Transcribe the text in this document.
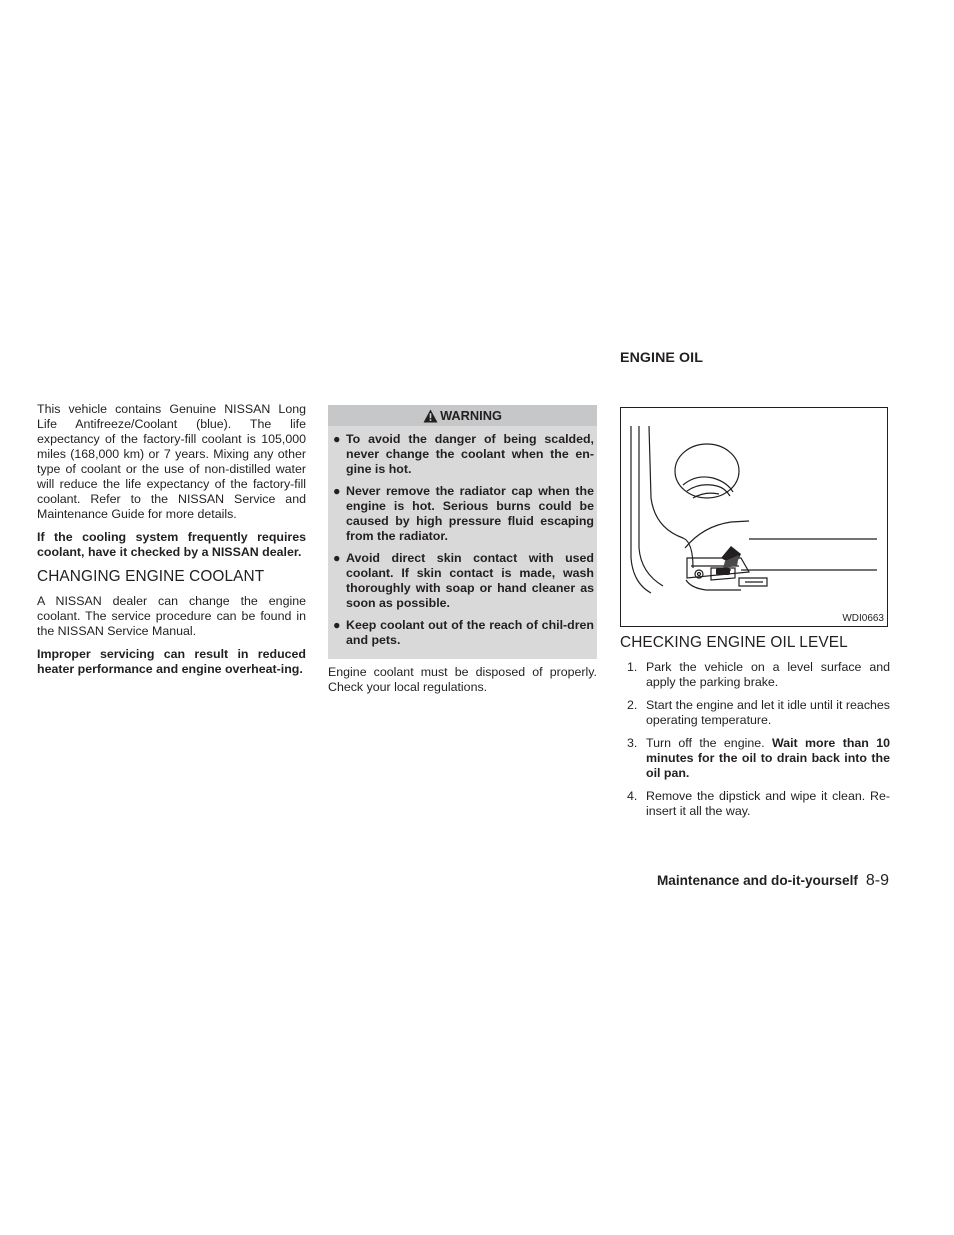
This vehicle contains Genuine NISSAN Long Life Antifreeze/Coolant (blue). The life expectancy of the factory-fill coolant is 105,000 miles (168,000 km) or 7 years. Mixing any other type of coolant or the use of non-distilled water will reduce the life expectancy of the factory-fill coolant. Refer to the NISSAN Service and Maintenance Guide for more details.

If the cooling system frequently requires coolant, have it checked by a NISSAN dealer.

CHANGING ENGINE COOLANT

A NISSAN dealer can change the engine coolant. The service procedure can be found in the NISSAN Service Manual.

Improper servicing can result in reduced heater performance and engine overheat-ing.

WARNING
● To avoid the danger of being scalded, never change the coolant when the en-gine is hot.
● Never remove the radiator cap when the engine is hot. Serious burns could be caused by high pressure fluid escaping from the radiator.
● Avoid direct skin contact with used coolant. If skin contact is made, wash thoroughly with soap or hand cleaner as soon as possible.
● Keep coolant out of the reach of chil-dren and pets.

Engine coolant must be disposed of properly. Check your local regulations.

ENGINE OIL
WDI0663
CHECKING ENGINE OIL LEVEL
1. Park the vehicle on a level surface and apply the parking brake.
2. Start the engine and let it idle until it reaches operating temperature.
3. Turn off the engine. Wait more than 10 minutes for the oil to drain back into the oil pan.
4. Remove the dipstick and wipe it clean. Re-insert it all the way.
Maintenance and do-it-yourself 8-9
